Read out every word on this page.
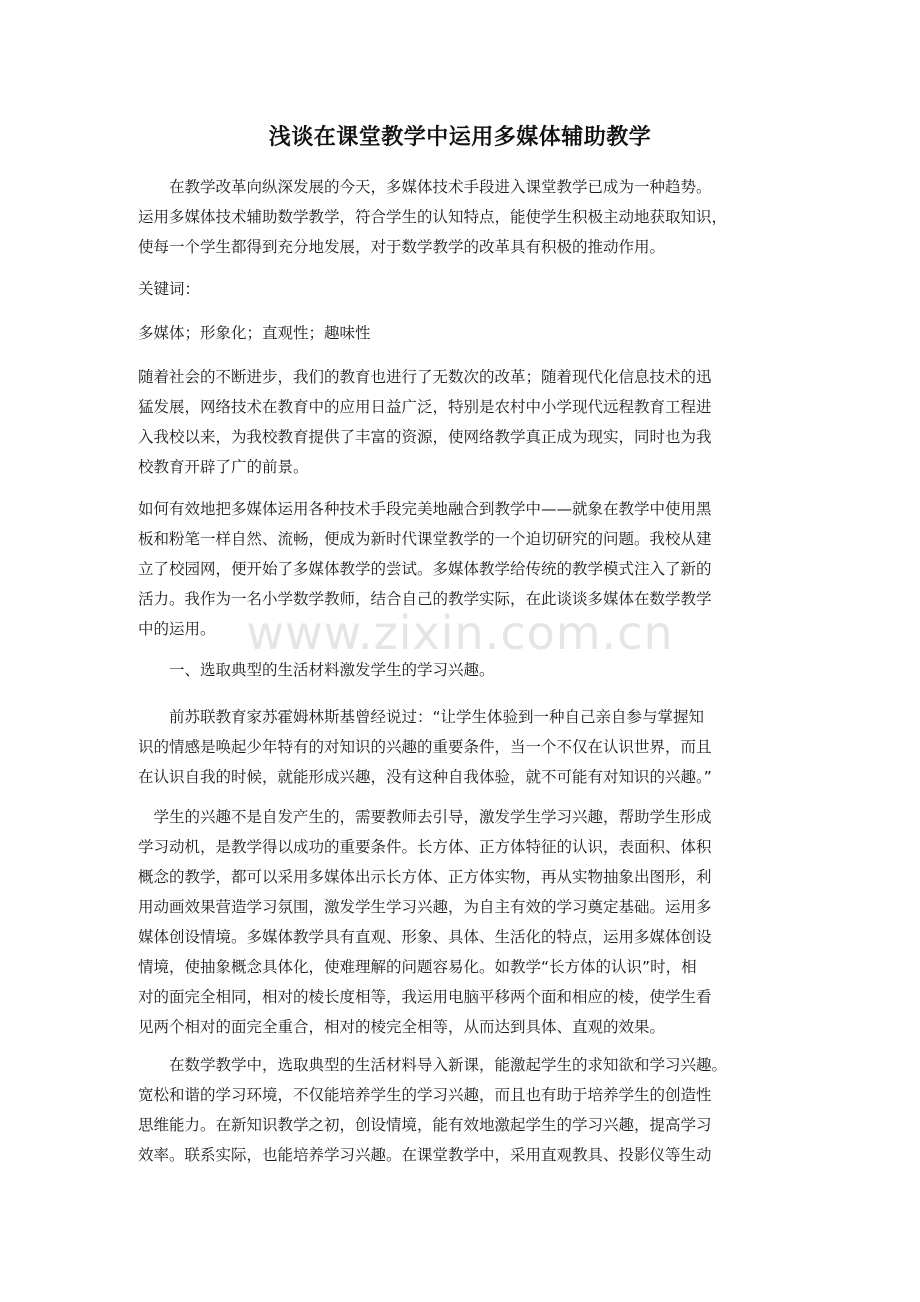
浅谈在课堂教学中运用多媒体辅助教学
　　在教学改革向纵深发展的今天，多媒体技术手段进入课堂教学已成为一种趋势。
运用多媒体技术辅助数学教学，符合学生的认知特点，能使学生积极主动地获取知识，
使每一个学生都得到充分地发展，对于数学教学的改革具有积极的推动作用。
关键词：
多媒体；形象化；直观性；趣味性
随着社会的不断进步，我们的教育也进行了无数次的改革；随着现代化信息技术的迅
猛发展，网络技术在教育中的应用日益广泛，特别是农村中小学现代远程教育工程进
入我校以来，为我校教育提供了丰富的资源，使网络教学真正成为现实，同时也为我
校教育开辟了广的前景。
如何有效地把多媒体运用各种技术手段完美地融合到教学中——就象在教学中使用黑
板和粉笔一样自然、流畅，便成为新时代课堂教学的一个迫切研究的问题。我校从建
立了校园网，便开始了多媒体教学的尝试。多媒体教学给传统的教学模式注入了新的
活力。我作为一名小学数学教师，结合自己的教学实际，在此谈谈多媒体在数学教学
中的运用。
　　一、选取典型的生活材料激发学生的学习兴趣。
　　前苏联教育家苏霍姆林斯基曾经说过：“让学生体验到一种自己亲自参与掌握知
识的情感是唤起少年特有的对知识的兴趣的重要条件，当一个不仅在认识世界，而且
在认识自我的时候，就能形成兴趣，没有这种自我体验，就不可能有对知识的兴趣。”
　学生的兴趣不是自发产生的，需要教师去引导，激发学生学习兴趣，帮助学生形成
学习动机，是教学得以成功的重要条件。长方体、正方体特征的认识，表面积、体积
概念的教学，都可以采用多媒体出示长方体、正方体实物，再从实物抽象出图形，利
用动画效果营造学习氛围，激发学生学习兴趣，为自主有效的学习奠定基础。运用多
媒体创设情境。多媒体教学具有直观、形象、具体、生活化的特点，运用多媒体创设
情境，使抽象概念具体化，使难理解的问题容易化。如教学“长方体的认识”时，相
对的面完全相同，相对的棱长度相等，我运用电脑平移两个面和相应的棱，使学生看
见两个相对的面完全重合，相对的棱完全相等，从而达到具体、直观的效果。
　　在数学教学中，选取典型的生活材料导入新课，能激起学生的求知欲和学习兴趣。
宽松和谐的学习环境，不仅能培养学生的学习兴趣，而且也有助于培养学生的创造性
思维能力。在新知识教学之初，创设情境，能有效地激起学生的学习兴趣，提高学习
效率。联系实际，也能培养学习兴趣。在课堂教学中，采用直观教具、投影仪等生动
www.zixin.com.cn
